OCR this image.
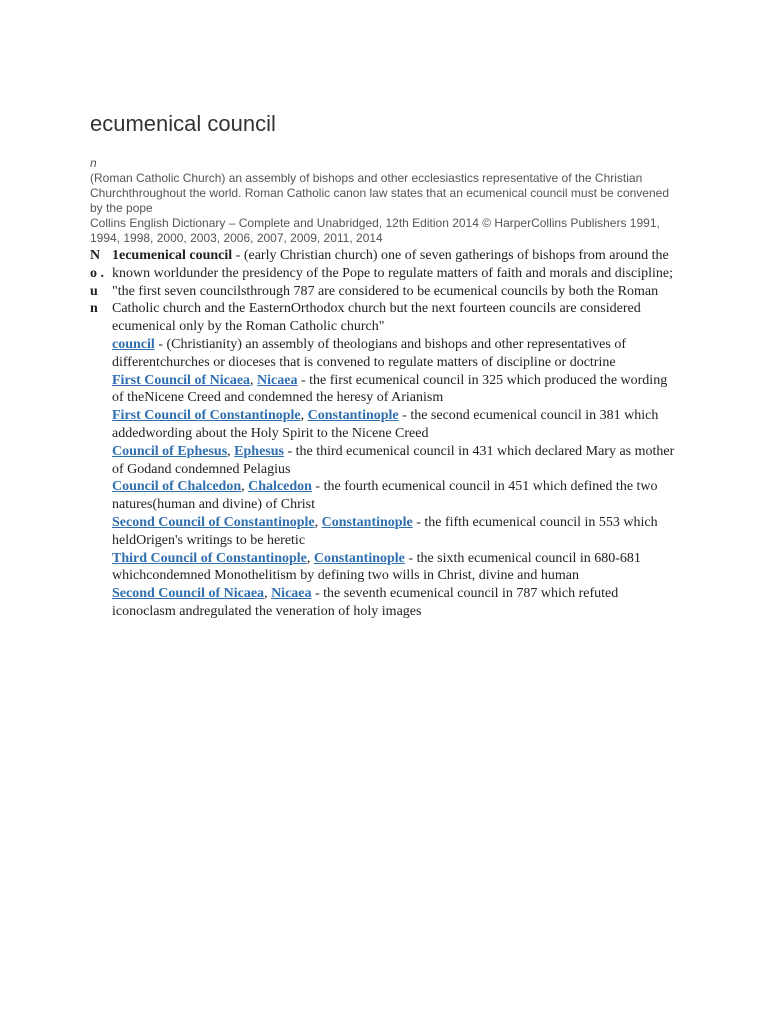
ecumenical council
n

(Roman Catholic Church) an assembly of bishops and other ecclesiastics representative of the Christian Churchthroughout the world. Roman Catholic canon law states that an ecumenical council must be convened by the pope

Collins English Dictionary – Complete and Unabridged, 12th Edition 2014 © HarperCollins Publishers 1991, 1994, 1998, 2000, 2003, 2006, 2007, 2009, 2011, 2014

N
o .
u
n

1ecumenical council - (early Christian church) one of seven gatherings of bishops from around the known worldunder the presidency of the Pope to regulate matters of faith and morals and discipline; "the first seven councilsthrough 787 are considered to be ecumenical councils by both the Roman Catholic church and the EasternOrthodox church but the next fourteen councils are considered ecumenical only by the Roman Catholic church"

council - (Christianity) an assembly of theologians and bishops and other representatives of differentchurches or dioceses that is convened to regulate matters of discipline or doctrine

First Council of Nicaea, Nicaea - the first ecumenical council in 325 which produced the wording of theNicene Creed and condemned the heresy of Arianism

First Council of Constantinople, Constantinople - the second ecumenical council in 381 which addedwording about the Holy Spirit to the Nicene Creed

Council of Ephesus, Ephesus - the third ecumenical council in 431 which declared Mary as mother of Godand condemned Pelagius

Council of Chalcedon, Chalcedon - the fourth ecumenical council in 451 which defined the two natures(human and divine) of Christ

Second Council of Constantinople, Constantinople - the fifth ecumenical council in 553 which heldOrigen's writings to be heretic

Third Council of Constantinople, Constantinople - the sixth ecumenical council in 680-681 whichcondemned Monothelitism by defining two wills in Christ, divine and human

Second Council of Nicaea, Nicaea - the seventh ecumenical council in 787 which refuted iconoclasm andregulated the veneration of holy images
